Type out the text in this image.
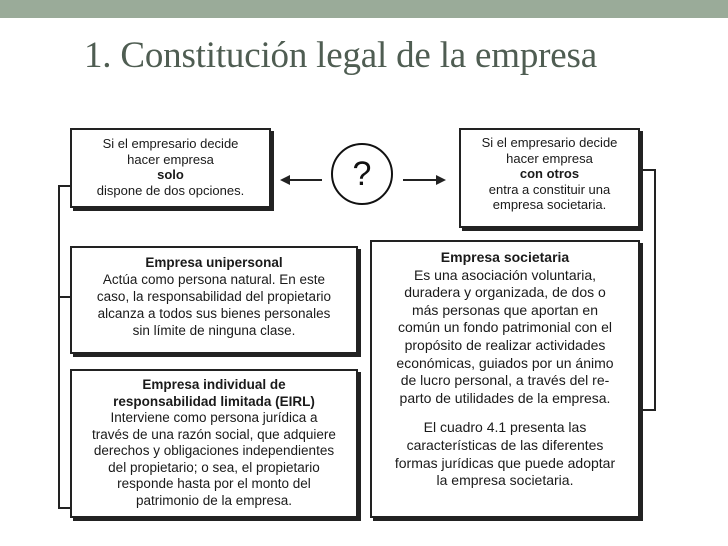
1. Constitución legal de la empresa
?
Si el empresario decide
hacer empresa
solo
dispone de dos opciones.
Si el empresario decide
hacer empresa
con otros
entra a constituir una
empresa societaria.
Empresa unipersonal
Actúa como persona natural. En este
caso, la responsabilidad del propietario
alcanza a todos sus bienes personales
sin límite de ninguna clase.
Empresa individual de
responsabilidad limitada (EIRL)
Interviene como persona jurídica a
través de una razón social, que adquiere
derechos y obligaciones independientes
del propietario; o sea, el propietario
responde hasta por el monto del
patrimonio de la empresa.
Empresa societaria
Es una asociación voluntaria,
duradera y organizada, de dos o
más personas que aportan en
común un fondo patrimonial con el
propósito de realizar actividades
económicas, guiados por un ánimo
de lucro personal, a través del re-
parto de utilidades de la empresa.
El cuadro 4.1 presenta las
características de las diferentes
formas jurídicas que puede adoptar
la empresa societaria.
